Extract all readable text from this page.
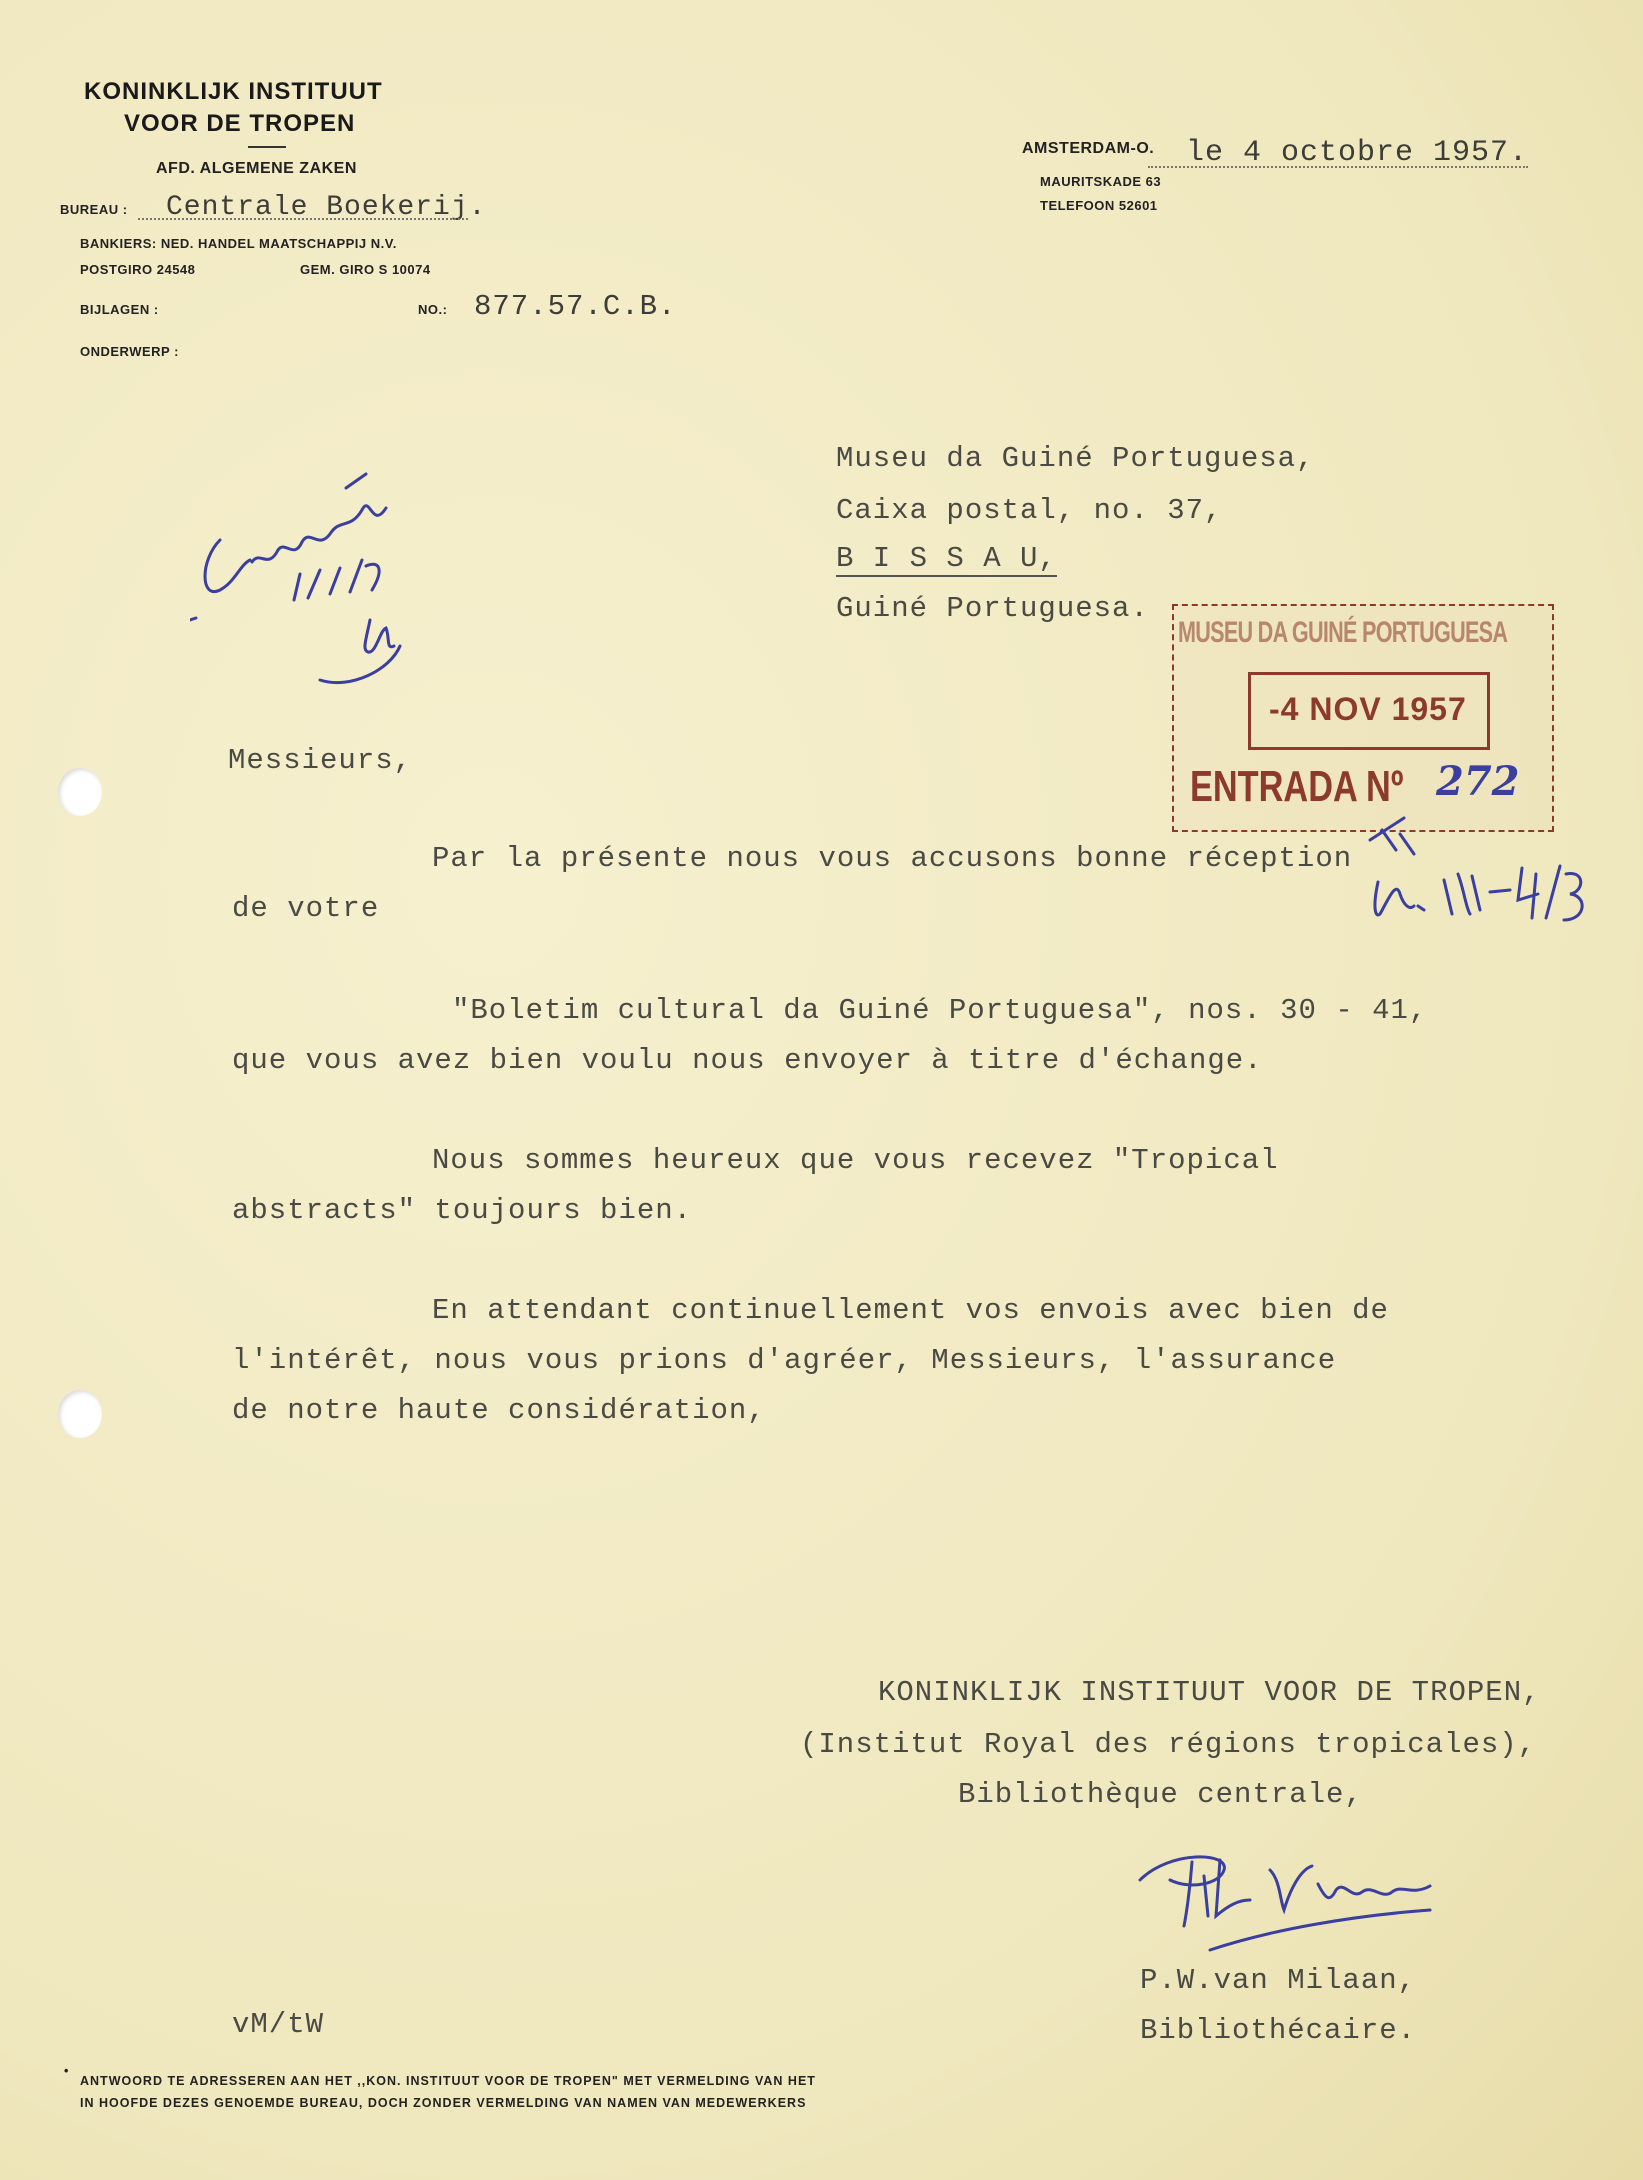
KONINKLIJK INSTITUUT
VOOR DE TROPEN
AFD. ALGEMENE ZAKEN
BUREAU : Centrale Boekerij.
BANKIERS: NED. HANDEL MAATSCHAPPIJ N.V.
POSTGIRO 24548	GEM. GIRO S 10074
BIJLAGEN :	NO.: 877.57.C.B.
ONDERWERP :
AMSTERDAM-O. le 4 octobre 1957.
MAURITSKADE 63
TELEFOON 52601
Museu da Guiné Portuguesa,
Caixa postal, no. 37,
B I S S A U,
Guiné Portuguesa.
Messieurs,
Par la présente nous vous accusons bonne réception
de votre
"Boletim cultural da Guiné Portuguesa", nos. 30 - 41,
que vous avez bien voulu nous envoyer à titre d'échange.
Nous sommes heureux que vous recevez "Tropical
abstracts" toujours bien.
En attendant continuellement vos envois avec bien de
l'intérêt, nous vous prions d'agréer, Messieurs, l'assurance
de notre haute considération,
MUSEU DA GUINÉ PORTUGUESA
-4 NOV 1957
ENTRADA Nº 272
KONINKLIJK INSTITUUT VOOR DE TROPEN,
(Institut Royal des régions tropicales),
Bibliothèque centrale,
P.W.van Milaan,
Bibliothécaire.
vM/tW
•
ANTWOORD TE ADRESSEREN AAN HET ,,KON. INSTITUUT VOOR DE TROPEN" MET VERMELDING VAN HET
IN HOOFDE DEZES GENOEMDE BUREAU, DOCH ZONDER VERMELDING VAN NAMEN VAN MEDEWERKERS
